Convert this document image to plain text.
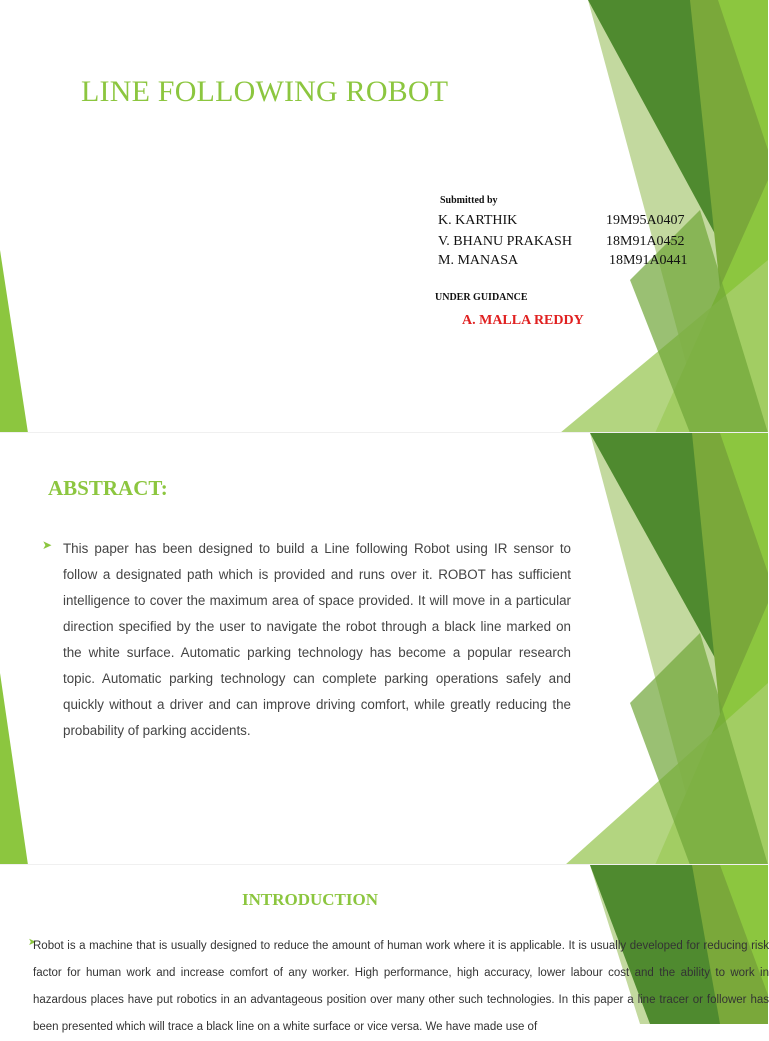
LINE FOLLOWING ROBOT
Submitted by
K. KARTHIK	19M95A0407
V. BHANU PRAKASH 18M91A0452
M. MANASA	18M91A0441
UNDER GUIDANCE
A. MALLA REDDY
ABSTRACT:
➤ This paper has been designed to build a Line following Robot using IR sensor to follow a designated path which is provided and runs over it. ROBOT has sufficient intelligence to cover the maximum area of space provided. It will move in a particular direction specified by the user to navigate the robot through a black line marked on the white surface. Automatic parking technology has become a popular research topic. Automatic parking technology can complete parking operations safely and quickly without a driver and can improve driving comfort, while greatly reducing the probability of parking accidents.
INTRODUCTION
➤
Robot is a machine that is usually designed to reduce the amount of human work where it is applicable. It is usually developed for reducing risk factor for human work and increase comfort of any worker. High performance, high accuracy, lower labour cost and the ability to work in hazardous places have put robotics in an advantageous position over many other such technologies. In this paper a line tracer or follower has been presented which will trace a black line on a white surface or vice versa. We have made use of
